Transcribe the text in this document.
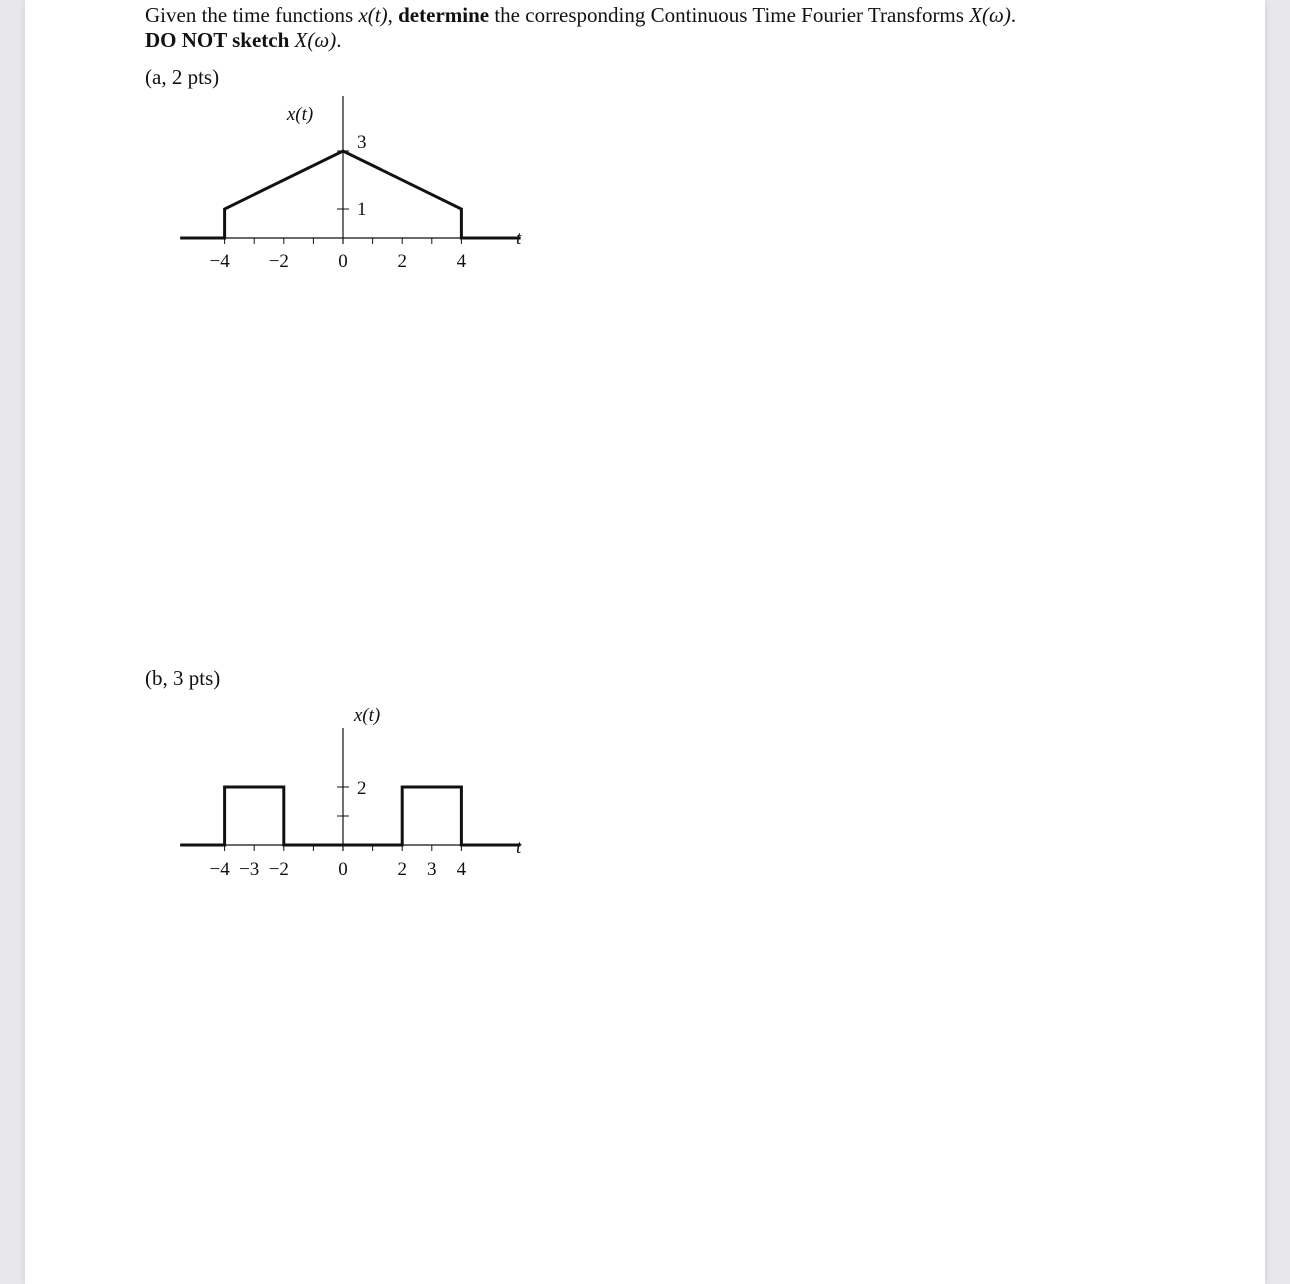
Given the time functions x(t), determine the corresponding Continuous Time Fourier Transforms X(ω).
DO NOT sketch X(ω).
(a, 2 pts)
(b, 3 pts)
3
1
−4 −2	0	2	4
x(t)
t
2
−4 −3 −2	0	2 3 4
x(t)
t
